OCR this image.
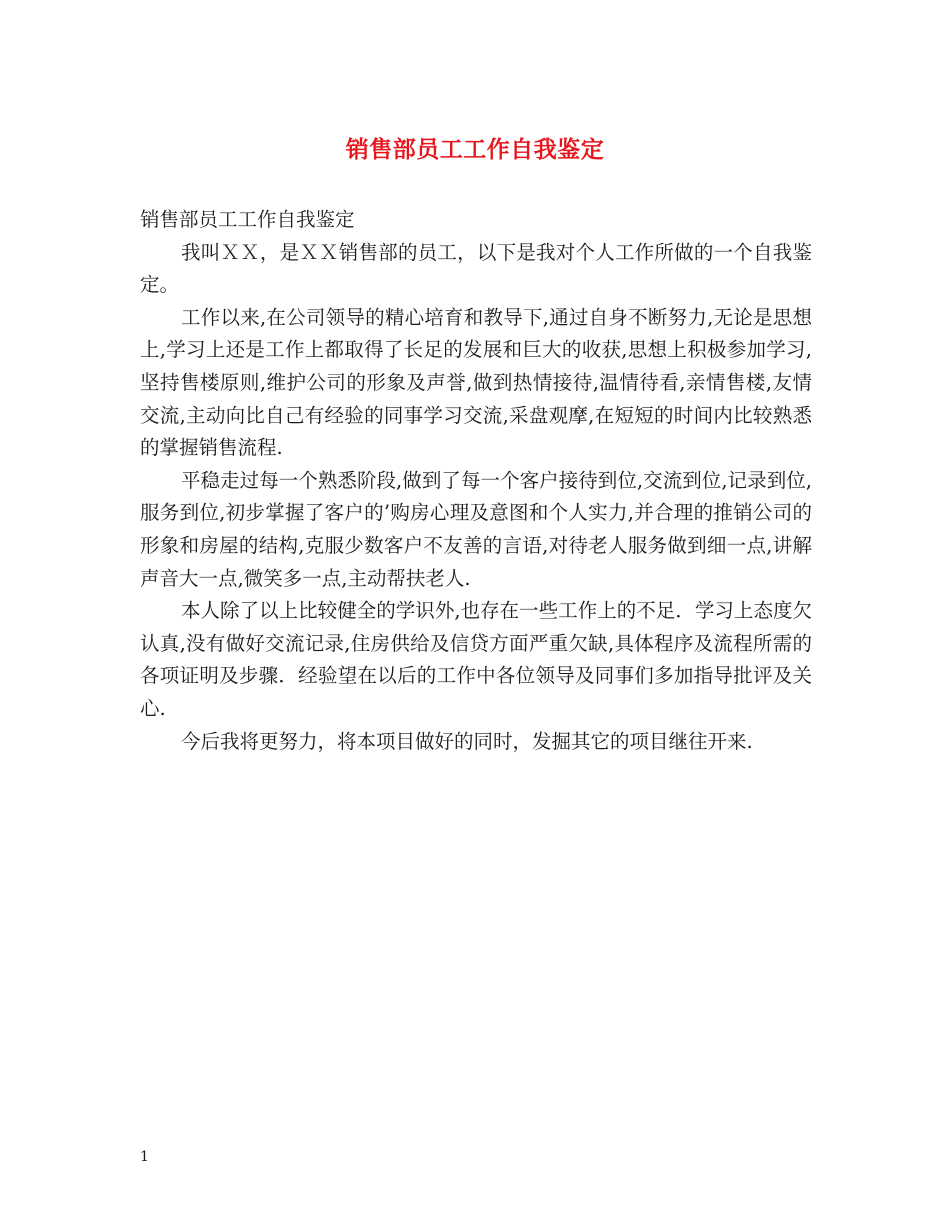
销售部员工工作自我鉴定

销售部员工工作自我鉴定

我叫ＸＸ，是ＸＸ销售部的员工，以下是我对个人工作所做的一个自我鉴定。

工作以来,在公司领导的精心培育和教导下,通过自身不断努力,无论是思想上,学习上还是工作上都取得了长足的发展和巨大的收获,思想上积极参加学习,坚持售楼原则,维护公司的形象及声誉,做到热情接待,温情待看,亲情售楼,友情交流,主动向比自己有经验的同事学习交流,采盘观摩,在短短的时间内比较熟悉的掌握销售流程.

平稳走过每一个熟悉阶段,做到了每一个客户接待到位,交流到位,记录到位,服务到位,初步掌握了客户的’购房心理及意图和个人实力,并合理的推销公司的形象和房屋的结构,克服少数客户不友善的言语,对待老人服务做到细一点,讲解声音大一点,微笑多一点,主动帮扶老人.

本人除了以上比较健全的学识外,也存在一些工作上的不足．学习上态度欠认真,没有做好交流记录,住房供给及信贷方面严重欠缺,具体程序及流程所需的各项证明及步骤．经验望在以后的工作中各位领导及同事们多加指导批评及关心.

今后我将更努力，将本项目做好的同时，发掘其它的项目继往开来.

1
